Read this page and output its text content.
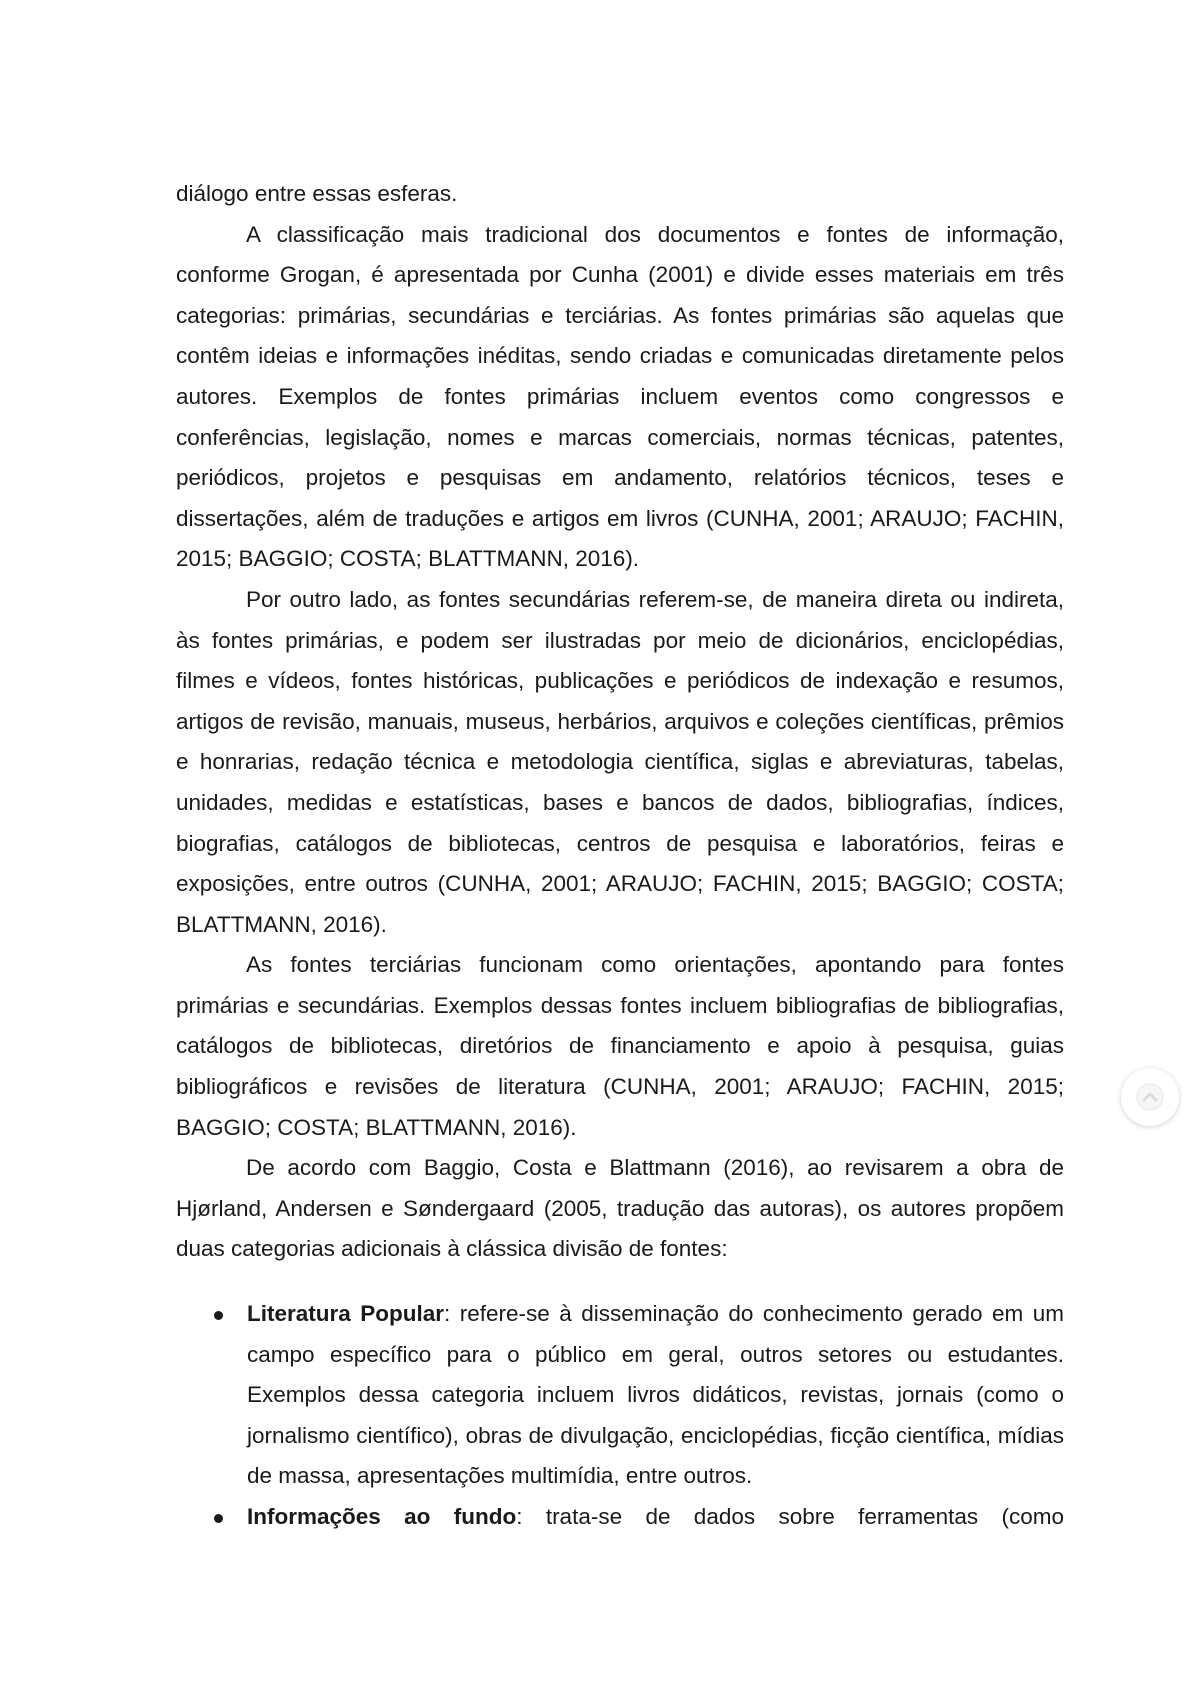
diálogo entre essas esferas.

A classificação mais tradicional dos documentos e fontes de informação, conforme Grogan, é apresentada por Cunha (2001) e divide esses materiais em três categorias: primárias, secundárias e terciárias. As fontes primárias são aquelas que contêm ideias e informações inéditas, sendo criadas e comunicadas diretamente pelos autores. Exemplos de fontes primárias incluem eventos como congressos e conferências, legislação, nomes e marcas comerciais, normas técnicas, patentes, periódicos, projetos e pesquisas em andamento, relatórios técnicos, teses e dissertações, além de traduções e artigos em livros (CUNHA, 2001; ARAUJO; FACHIN, 2015; BAGGIO; COSTA; BLATTMANN, 2016).

Por outro lado, as fontes secundárias referem-se, de maneira direta ou indireta, às fontes primárias, e podem ser ilustradas por meio de dicionários, enciclopédias, filmes e vídeos, fontes históricas, publicações e periódicos de indexação e resumos, artigos de revisão, manuais, museus, herbários, arquivos e coleções científicas, prêmios e honrarias, redação técnica e metodologia científica, siglas e abreviaturas, tabelas, unidades, medidas e estatísticas, bases e bancos de dados, bibliografias, índices, biografias, catálogos de bibliotecas, centros de pesquisa e laboratórios, feiras e exposições, entre outros (CUNHA, 2001; ARAUJO; FACHIN, 2015; BAGGIO; COSTA; BLATTMANN, 2016).

As fontes terciárias funcionam como orientações, apontando para fontes primárias e secundárias. Exemplos dessas fontes incluem bibliografias de bibliografias, catálogos de bibliotecas, diretórios de financiamento e apoio à pesquisa, guias bibliográficos e revisões de literatura (CUNHA, 2001; ARAUJO; FACHIN, 2015; BAGGIO; COSTA; BLATTMANN, 2016).

De acordo com Baggio, Costa e Blattmann (2016), ao revisarem a obra de Hjørland, Andersen e Søndergaard (2005, tradução das autoras), os autores propõem duas categorias adicionais à clássica divisão de fontes:

Literatura Popular: refere-se à disseminação do conhecimento gerado em um campo específico para o público em geral, outros setores ou estudantes. Exemplos dessa categoria incluem livros didáticos, revistas, jornais (como o jornalismo científico), obras de divulgação, enciclopédias, ficção científica, mídias de massa, apresentações multimídia, entre outros.
Informações ao fundo: trata-se de dados sobre ferramentas (como
